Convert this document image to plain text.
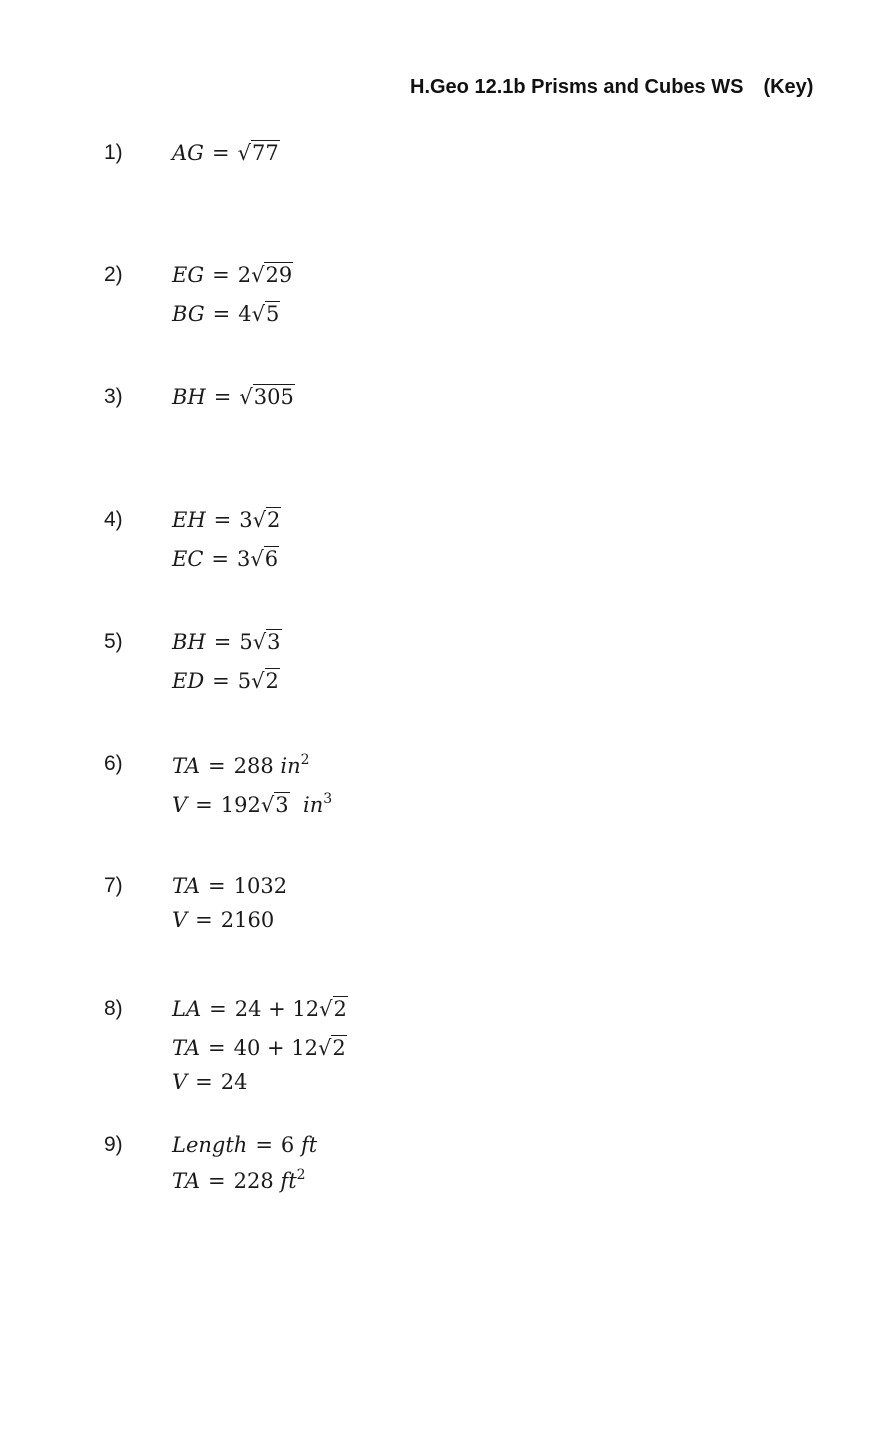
H.Geo 12.1b Prisms and Cubes WS (Key)
1) AG = √77
2) EG = 2√29
BG = 4√5
3) BH = √305
4) EH = 3√2
EC = 3√6
5) BH = 5√3
ED = 5√2
6) TA = 288 $in^2$
V = 192√3 $in^3$
7) TA = 1032
V = 2160
8) LA = 24 + 12√2
TA = 40 + 12√2
V = 24
9) Length = 6 ft
TA = 228 $ft^2$
